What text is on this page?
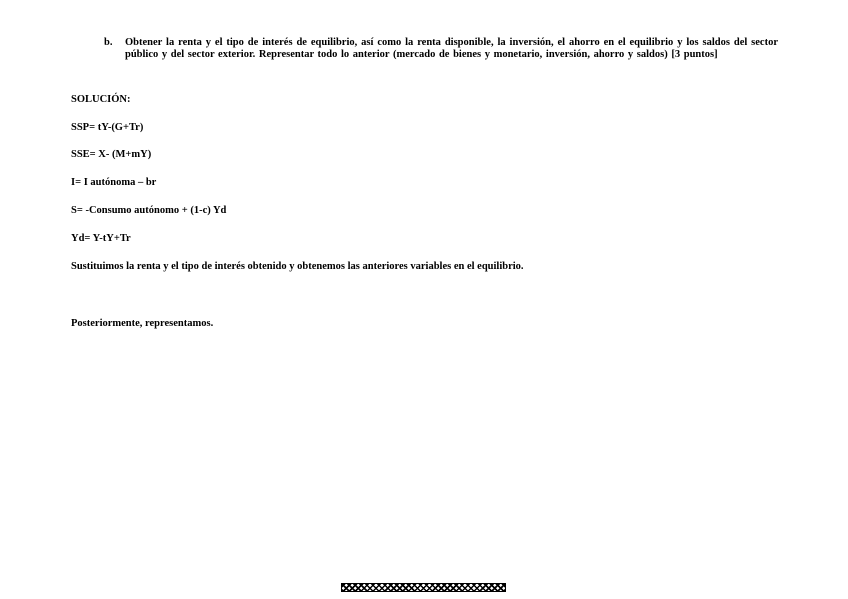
b.	Obtener la renta y el tipo de interés de equilibrio, así como la renta disponible, la inversión, el ahorro en el equilibrio y los saldos del sector público y del sector exterior. Representar todo lo anterior (mercado de bienes y monetario, inversión, ahorro y saldos) [3 puntos]
SOLUCIÓN:
SSP= tY-(G+Tr)
SSE= X- (M+mY)
I= I autónoma – br
S= -Consumo autónomo + (1-c) Yd
Yd= Y-tY+Tr
Sustituimos la renta y el tipo de interés obtenido y obtenemos las anteriores variables en el equilibrio.
Posteriormente, representamos.
